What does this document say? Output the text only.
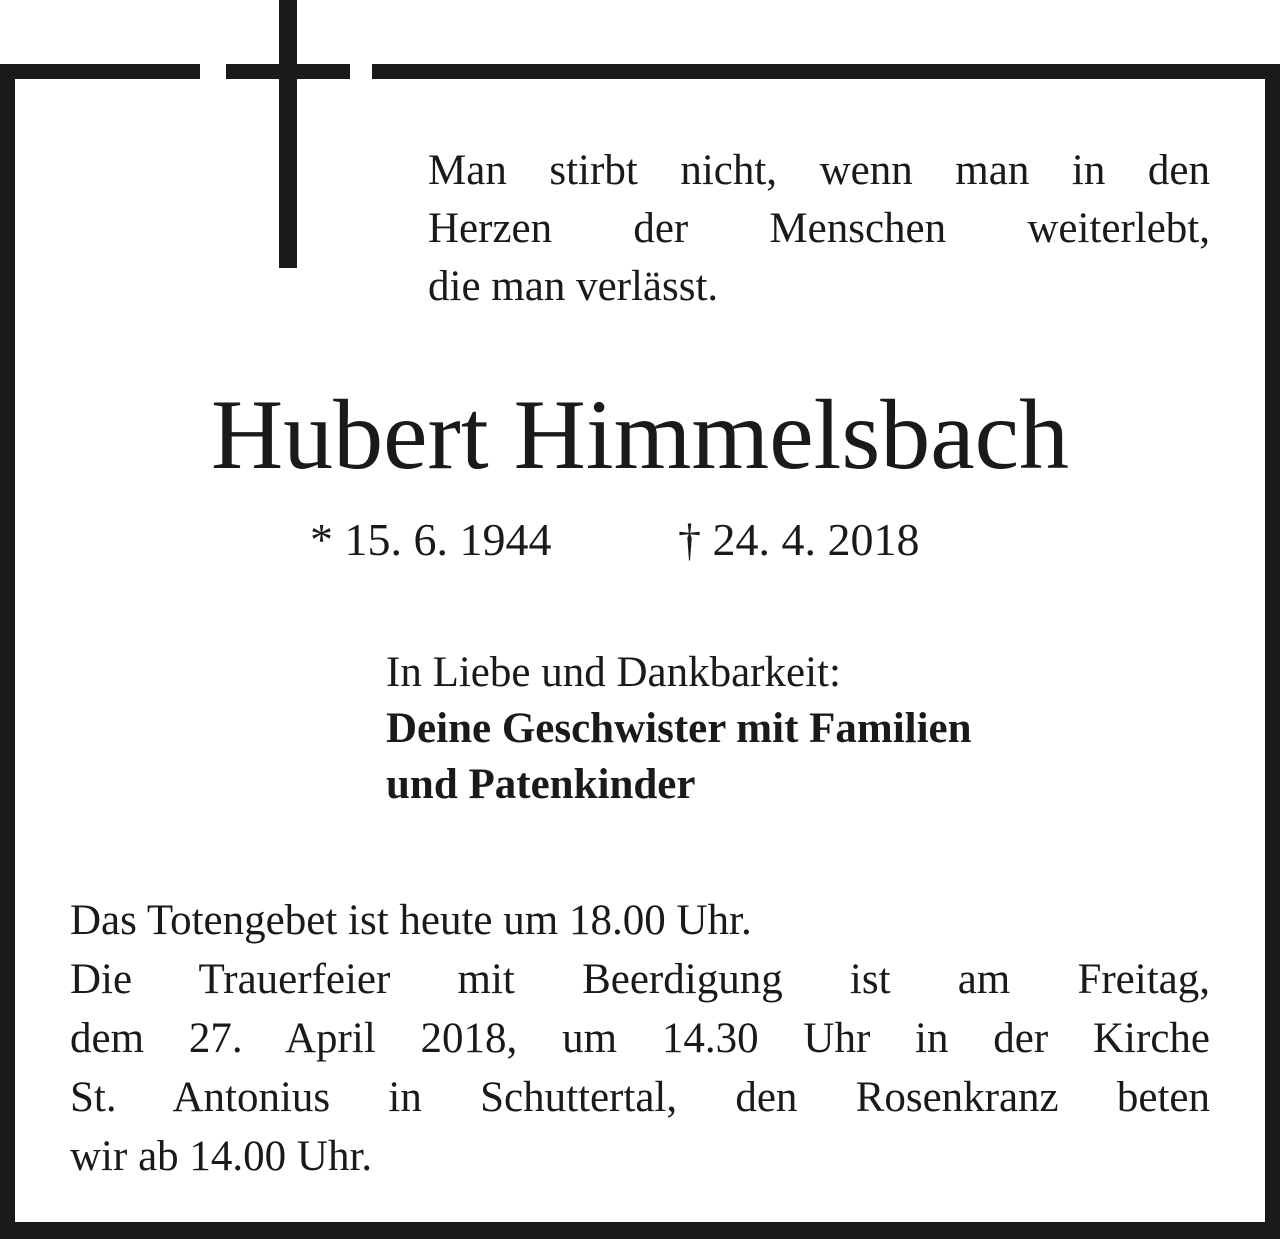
Man stirbt nicht, wenn man in den
Herzen der Menschen weiterlebt,
die man verlässt.
Hubert Himmelsbach
* 15. 6. 1944	† 24. 4. 2018
In Liebe und Dankbarkeit:
Deine Geschwister mit Familien
und Patenkinder
Das Totengebet ist heute um 18.00 Uhr.
Die Trauerfeier mit Beerdigung ist am Freitag,
dem 27. April 2018, um 14.30 Uhr in der Kirche
St. Antonius in Schuttertal, den Rosenkranz beten
wir ab 14.00 Uhr.
